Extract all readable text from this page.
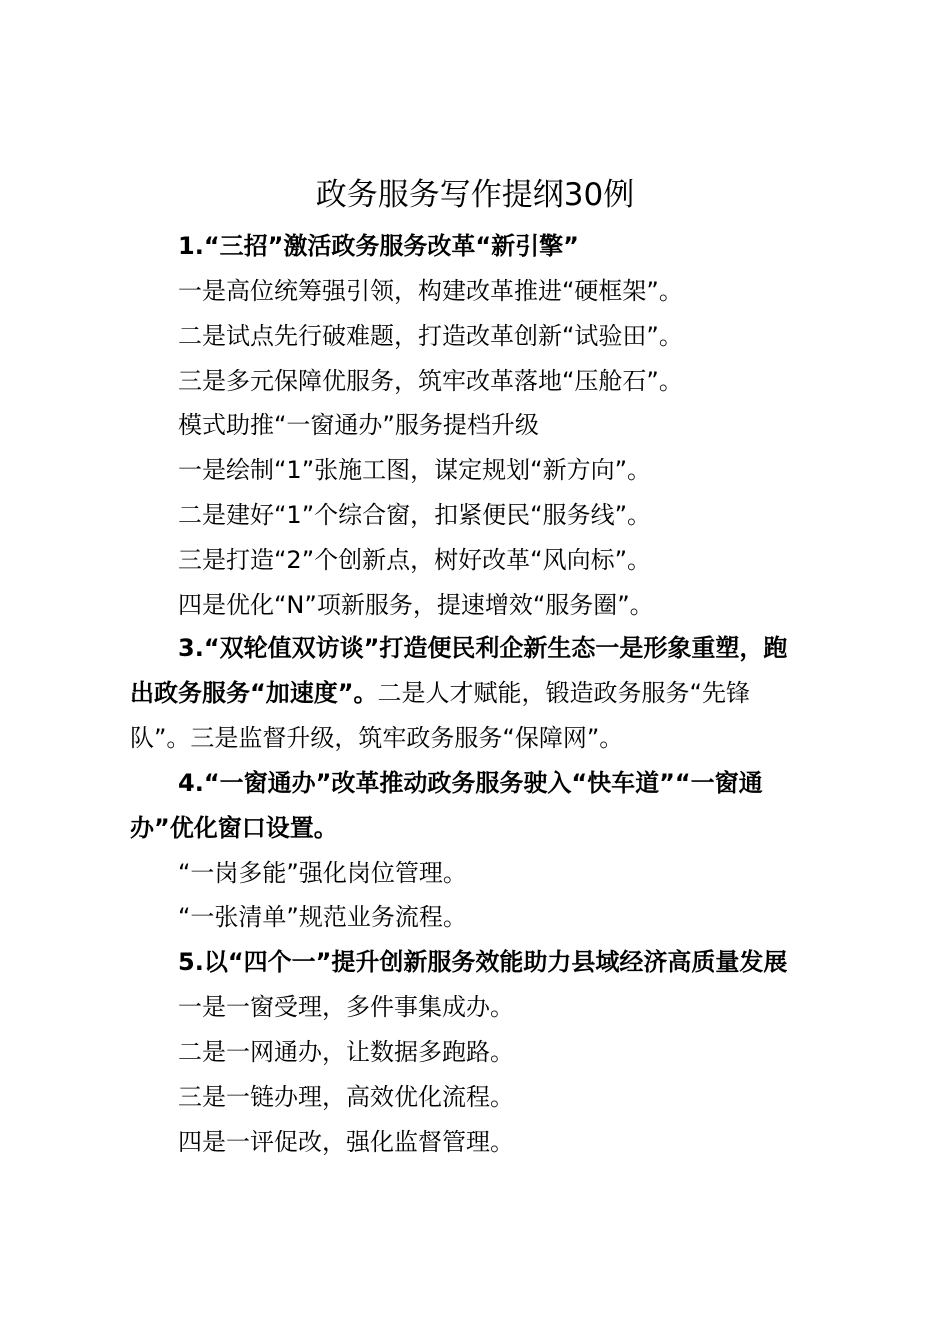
政务服务写作提纲30例

1.“三招”激活政务服务改革“新引擎”

一是高位统筹强引领，构建改革推进“硬框架”。

二是试点先行破难题，打造改革创新“试验田”。

三是多元保障优服务，筑牢改革落地“压舱石”。

模式助推“一窗通办”服务提档升级

一是绘制“1”张施工图，谋定规划“新方向”。

二是建好“1”个综合窗，扣紧便民“服务线”。

三是打造“2”个创新点，树好改革“风向标”。

四是优化“N”项新服务，提速增效“服务圈”。

3.“双轮值双访谈”打造便民利企新生态一是形象重塑，跑
出政务服务“加速度”。二是人才赋能，锻造政务服务“先锋
队”。三是监督升级，筑牢政务服务“保障网”。
4.“一窗通办”改革推动政务服务驶入“快车道”“一窗通
办”优化窗口设置。

“一岗多能”强化岗位管理。

“一张清单”规范业务流程。

5.以“四个一”提升创新服务效能助力县域经济高质量发展

一是一窗受理，多件事集成办。

二是一网通办，让数据多跑路。

三是一链办理，高效优化流程。

四是一评促改，强化监督管理。
